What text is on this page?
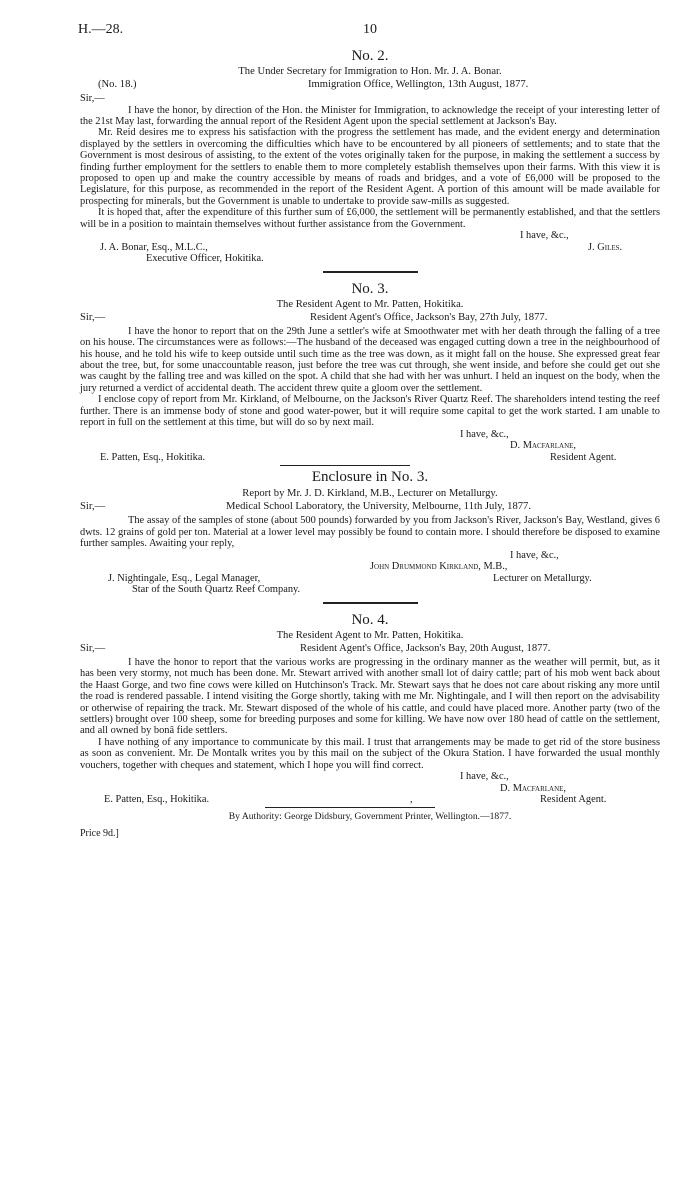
H.—28.	10
No. 2.
The Under Secretary for Immigration to Hon. Mr. J. A. Bonar.
(No. 18.)	Immigration Office, Wellington, 13th August, 1877.
Sir,—

I have the honor, by direction of the Hon. the Minister for Immigration, to acknowledge the receipt of your interesting letter of the 21st May last, forwarding the annual report of the Resident Agent upon the special settlement at Jackson's Bay.

Mr. Reid desires me to express his satisfaction with the progress the settlement has made, and the evident energy and determination displayed by the settlers in overcoming the difficulties which have to be encountered by all pioneers of settlements; and to state that the Government is most desirous of assisting, to the extent of the votes originally taken for the purpose, in making the settlement a success by finding further employment for the settlers to enable them to more completely establish themselves upon their farms. With this view it is proposed to open up and make the country accessible by means of roads and bridges, and a vote of £6,000 will be proposed to the Legislature, for this purpose, as recommended in the report of the Resident Agent. A portion of this amount will be made available for prospecting for minerals, but the Government is unable to undertake to provide saw-mills as suggested.

It is hoped that, after the expenditure of this further sum of £6,000, the settlement will be permanently established, and that the settlers will be in a position to maintain themselves without further assistance from the Government.

I have, &c.,
J. A. Bonar, Esq., M.L.C.,	J. Giles.
Executive Officer, Hokitika.
No. 3.
The Resident Agent to Mr. Patten, Hokitika.
Sir,—	Resident Agent's Office, Jackson's Bay, 27th July, 1877.

I have the honor to report that on the 29th June a settler's wife at Smoothwater met with her death through the falling of a tree on his house. The circumstances were as follows:—The husband of the deceased was engaged cutting down a tree in the neighbourhood of his house, and he told his wife to keep outside until such time as the tree was down, as it might fall on the house. She expressed great fear about the tree, but, for some unaccountable reason, just before the tree was cut through, she went inside, and before she could get out she was caught by the falling tree and was killed on the spot. A child that she had with her was unhurt. I held an inquest on the body, when the jury returned a verdict of accidental death. The accident threw quite a gloom over the settlement.

I enclose copy of report from Mr. Kirkland, of Melbourne, on the Jackson's River Quartz Reef. The shareholders intend testing the reef further. There is an immense body of stone and good water-power, but it will require some capital to get the work started. I am unable to report in full on the settlement at this time, but will do so by next mail.

I have, &c.,
D. Macfarlane,
E. Patten, Esq., Hokitika.	Resident Agent.
Enclosure in No. 3.
Report by Mr. J. D. Kirkland, M.B., Lecturer on Metallurgy.
Sir,—	Medical School Laboratory, the University, Melbourne, 11th July, 1877.

The assay of the samples of stone (about 500 pounds) forwarded by you from Jackson's River, Jackson's Bay, Westland, gives 6 dwts. 12 grains of gold per ton. Material at a lower level may possibly be found to contain more. I should therefore be disposed to examine further samples. Awaiting your reply,

I have, &c.,
John Drummond Kirkland, M.B.,
J. Nightingale, Esq., Legal Manager,	Lecturer on Metallurgy.
Star of the South Quartz Reef Company.
No. 4.
The Resident Agent to Mr. Patten, Hokitika.
Sir,—	Resident Agent's Office, Jackson's Bay, 20th August, 1877.

I have the honor to report that the various works are progressing in the ordinary manner as the weather will permit, but, as it has been very stormy, not much has been done. Mr. Stewart arrived with another small lot of dairy cattle; part of his mob went back about the Haast Gorge, and two fine cows were killed on Hutchinson's Track. Mr. Stewart says that he does not care about risking any more until the road is rendered passable. I intend visiting the Gorge shortly, taking with me Mr. Nightingale, and I will then report on the advisability or otherwise of repairing the track. Mr. Stewart disposed of the whole of his cattle, and could have placed more. Another party (two of the settlers) brought over 100 sheep, some for breeding purposes and some for killing. We have now over 180 head of cattle on the settlement, and all owned by bonâ fide settlers.

I have nothing of any importance to communicate by this mail. I trust that arrangements may be made to get rid of the store business as soon as convenient. Mr. De Montalk writes you by this mail on the subject of the Okura Station. I have forwarded the usual monthly vouchers, together with cheques and statement, which I hope you will find correct.

I have, &c.,
D. Macfarlane,
E. Patten, Esq., Hokitika.	,	Resident Agent.
By Authority: George Didsbury, Government Printer, Wellington.—1877.
Price 9d.]
